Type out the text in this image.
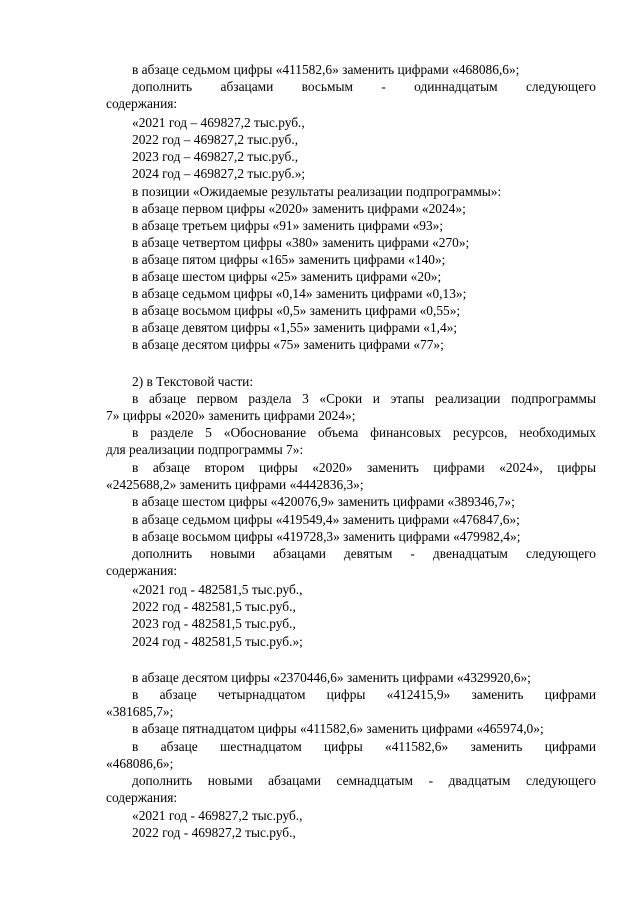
в абзаце седьмом цифры «411582,6» заменить цифрами «468086,6»;
дополнить абзацами восьмым - одиннадцатым следующего
содержания:
«2021 год – 469827,2 тыс.руб.,
2022 год – 469827,2 тыс.руб.,
2023 год – 469827,2 тыс.руб.,
2024 год – 469827,2 тыс.руб.»;
в позиции «Ожидаемые результаты реализации подпрограммы»:
в абзаце первом цифры «2020» заменить цифрами «2024»;
в абзаце третьем цифры «91» заменить цифрами «93»;
в абзаце четвертом цифры «380» заменить цифрами «270»;
в абзаце пятом цифры «165» заменить цифрами «140»;
в абзаце шестом цифры «25» заменить цифрами «20»;
в абзаце седьмом цифры «0,14» заменить цифрами «0,13»;
в абзаце восьмом цифры «0,5» заменить цифрами «0,55»;
в абзаце девятом цифры «1,55» заменить цифрами «1,4»;
в абзаце десятом цифры «75» заменить цифрами «77»;
2) в Текстовой части:
в абзаце первом раздела 3 «Сроки и этапы реализации подпрограммы
7» цифры «2020» заменить цифрами 2024»;
в разделе 5 «Обоснование объема финансовых ресурсов, необходимых
для реализации подпрограммы 7»:
в абзаце втором цифры «2020» заменить цифрами «2024», цифры
«2425688,2» заменить цифрами «4442836,3»;
в абзаце шестом цифры «420076,9» заменить цифрами «389346,7»;
в абзаце седьмом цифры «419549,4» заменить цифрами «476847,6»;
в абзаце восьмом цифры «419728,3» заменить цифрами «479982,4»;
дополнить новыми абзацами девятым - двенадцатым следующего
содержания:
«2021 год - 482581,5 тыс.руб.,
2022 год - 482581,5 тыс.руб.,
2023 год - 482581,5 тыс.руб.,
2024 год - 482581,5 тыс.руб.»;
в абзаце десятом цифры «2370446,6» заменить цифрами «4329920,6»;
в абзаце четырнадцатом цифры «412415,9» заменить цифрами
«381685,7»;
в абзаце пятнадцатом цифры «411582,6» заменить цифрами «465974,0»;
в абзаце шестнадцатом цифры «411582,6» заменить цифрами
«468086,6»;
дополнить новыми абзацами семнадцатым - двадцатым следующего
содержания:
«2021 год - 469827,2 тыс.руб.,
2022 год - 469827,2 тыс.руб.,
